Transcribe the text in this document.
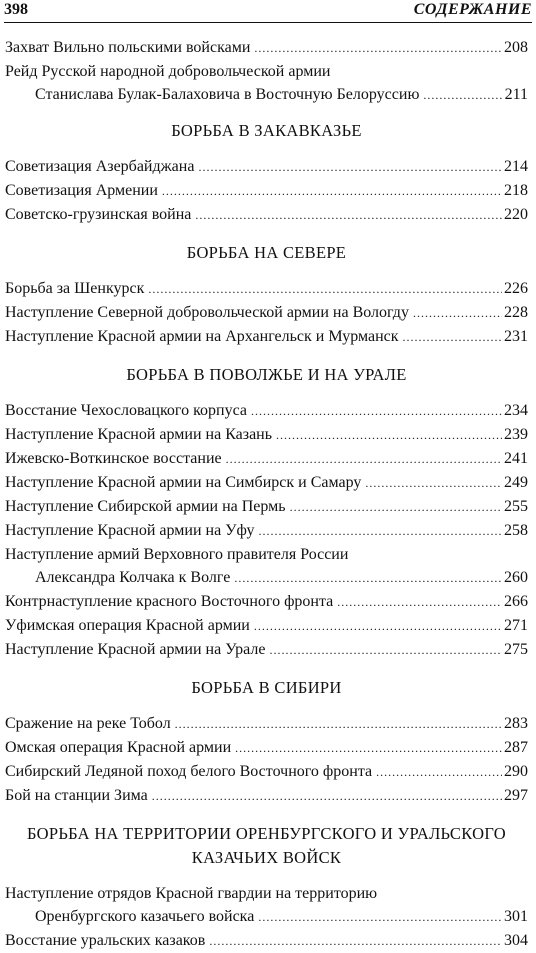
398	СОДЕРЖАНИЕ
Захват Вильно польскими войсками .....	208
Рейд Русской народной добровольческой армии
Станислава Булак-Балаховича в Восточную Белоруссию .....	211
БОРЬБА В ЗАКАВКАЗЬЕ
Советизация Азербайджана .....	214
Советизация Армении .....	218
Советско-грузинская война .....	220
БОРЬБА НА СЕВЕРЕ
Борьба за Шенкурск .....	226
Наступление Северной добровольческой армии на Вологду .....	228
Наступление Красной армии на Архангельск и Мурманск .....	231
БОРЬБА В ПОВОЛЖЬЕ И НА УРАЛЕ
Восстание Чехословацкого корпуса .....	234
Наступление Красной армии на Казань .....	239
Ижевско-Воткинское восстание .....	241
Наступление Красной армии на Симбирск и Самару .....	249
Наступление Сибирской армии на Пермь .....	255
Наступление Красной армии на Уфу .....	258
Наступление армий Верховного правителя России
Александра Колчака к Волге .....	260
Контрнаступление красного Восточного фронта .....	266
Уфимская операция Красной армии .....	271
Наступление Красной армии на Урале .....	275
БОРЬБА В СИБИРИ
Сражение на реке Тобол .....	283
Омская операция Красной армии .....	287
Сибирский Ледяной поход белого Восточного фронта .....	290
Бой на станции Зима .....	297
БОРЬБА НА ТЕРРИТОРИИ ОРЕНБУРГСКОГО И УРАЛЬСКОГО
КАЗАЧЬИХ ВОЙСК
Наступление отрядов Красной гвардии на территорию
Оренбургского казачьего войска .....	301
Восстание уральских казаков .....	304
